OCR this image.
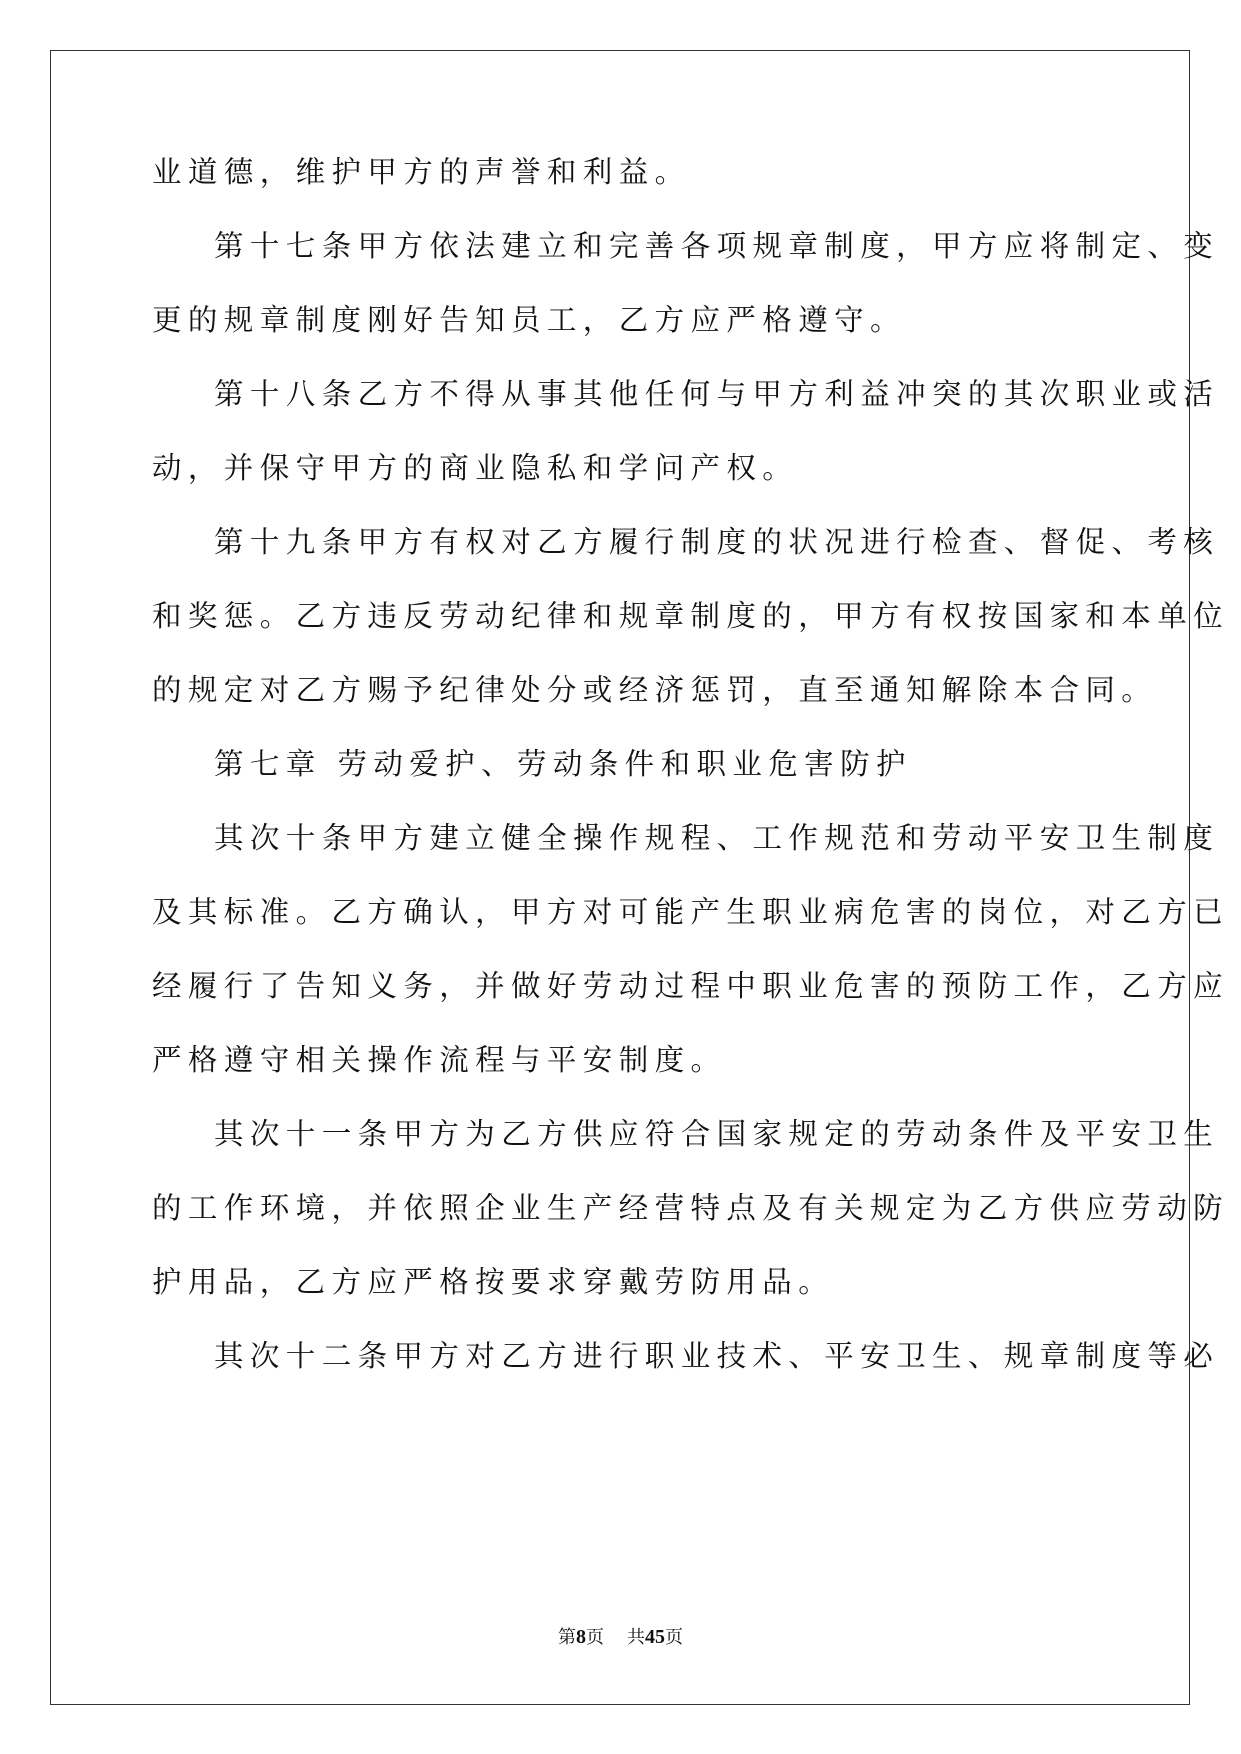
业道德，维护甲方的声誉和利益。
第十七条甲方依法建立和完善各项规章制度，甲方应将制定、变
更的规章制度刚好告知员工，乙方应严格遵守。
第十八条乙方不得从事其他任何与甲方利益冲突的其次职业或活
动，并保守甲方的商业隐私和学问产权。
第十九条甲方有权对乙方履行制度的状况进行检查、督促、考核
和奖惩。乙方违反劳动纪律和规章制度的，甲方有权按国家和本单位
的规定对乙方赐予纪律处分或经济惩罚，直至通知解除本合同。
第七章 劳动爱护、劳动条件和职业危害防护
其次十条甲方建立健全操作规程、工作规范和劳动平安卫生制度
及其标准。乙方确认，甲方对可能产生职业病危害的岗位，对乙方已
经履行了告知义务，并做好劳动过程中职业危害的预防工作，乙方应
严格遵守相关操作流程与平安制度。
其次十一条甲方为乙方供应符合国家规定的劳动条件及平安卫生
的工作环境，并依照企业生产经营特点及有关规定为乙方供应劳动防
护用品，乙方应严格按要求穿戴劳防用品。
其次十二条甲方对乙方进行职业技术、平安卫生、规章制度等必
第8页 共45页
